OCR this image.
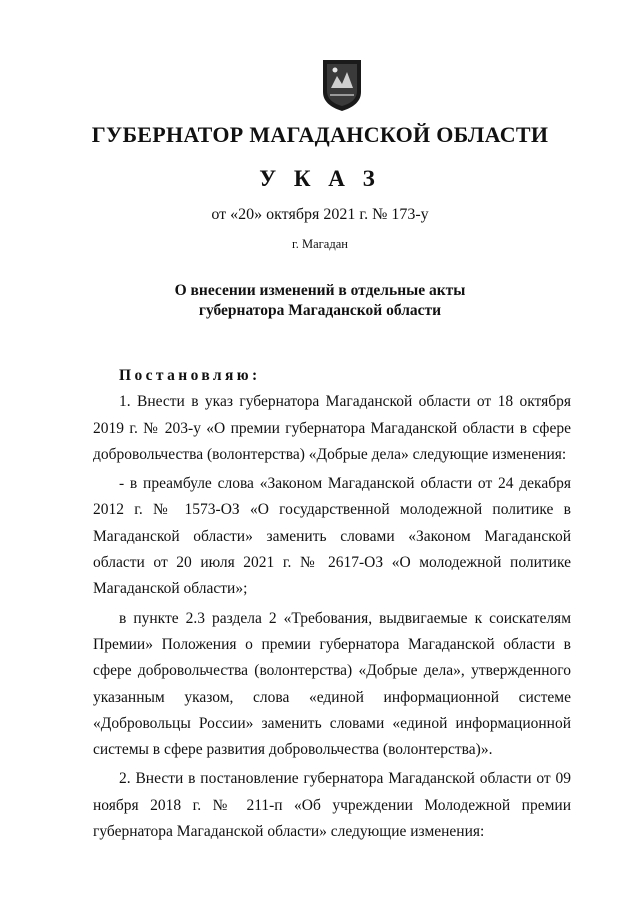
ГУБЕРНАТОР МАГАДАНСКОЙ ОБЛАСТИ
У К А З
от «20» октября 2021 г. № 173-у
г. Магадан
О внесении изменений в отдельные акты
губернатора Магаданской области
Постановляю:

1. Внести в указ губернатора Магаданской области от 18 октября 2019 г. № 203-у «О премии губернатора Магаданской области в сфере добровольчества (волонтерства) «Добрые дела» следующие изменения:

- в преамбуле слова «Законом Магаданской области от 24 декабря 2012 г. № 1573-ОЗ «О государственной молодежной политике в Магаданской области» заменить словами «Законом Магаданской области от 20 июля 2021 г. № 2617-ОЗ «О молодежной политике Магаданской области»;

в пункте 2.3 раздела 2 «Требования, выдвигаемые к соискателям Премии» Положения о премии губернатора Магаданской области в сфере добровольчества (волонтерства) «Добрые дела», утвержденного указанным указом, слова «единой информационной системе «Добровольцы России» заменить словами «единой информационной системы в сфере развития добровольчества (волонтерства)».

2. Внести в постановление губернатора Магаданской области от 09 ноября 2018 г. № 211-п «Об учреждении Молодежной премии губернатора Магаданской области» следующие изменения:
